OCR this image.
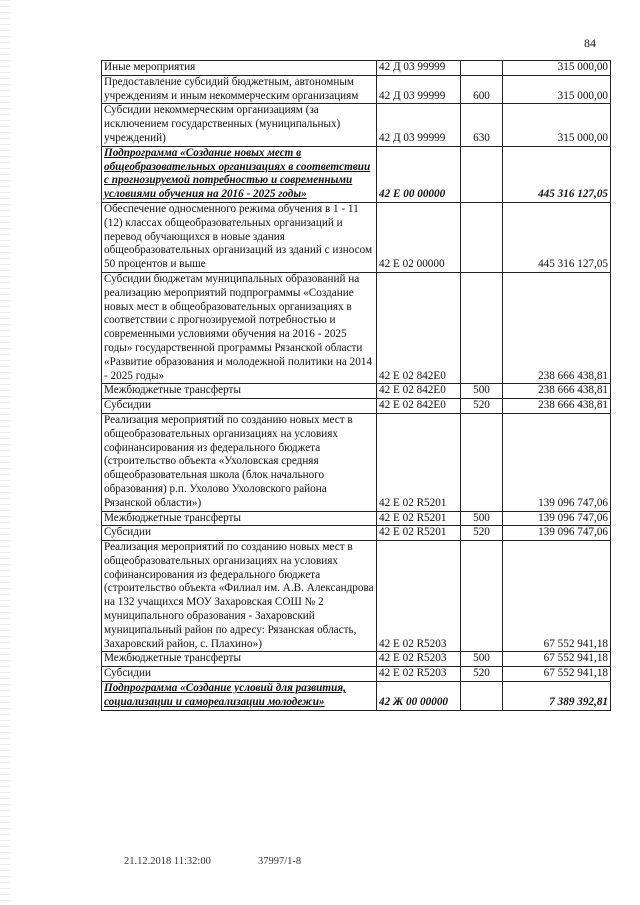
84
Иные мероприятия	42 Д 03 99999		315 000,00
Предоставление субсидий бюджетным, автономным учреждениям и иным некоммерческим организациям	42 Д 03 99999	600	315 000,00
Субсидии некоммерческим организациям (за исключением государственных (муниципальных) учреждений)	42 Д 03 99999	630	315 000,00
Подпрограмма «Создание новых мест в общеобразовательных организациях в соответствии с прогнозируемой потребностью и современными условиями обучения на 2016 - 2025 годы»	42 Е 00 00000		445 316 127,05
Обеспечение односменного режима обучения в 1 - 11 (12) классах общеобразовательных организаций и перевод обучающихся в новые здания общеобразовательных организаций из зданий с износом 50 процентов и выше	42 Е 02 00000		445 316 127,05
Субсидии бюджетам муниципальных образований на реализацию мероприятий подпрограммы «Создание новых мест в общеобразовательных организациях в соответствии с прогнозируемой потребностью и современными условиями обучения на 2016 - 2025 годы» государственной программы Рязанской области «Развитие образования и молодежной политики на 2014 - 2025 годы»	42 Е 02 842Е0		238 666 438,81
Межбюджетные трансферты	42 Е 02 842Е0	500	238 666 438,81
Субсидии	42 Е 02 842Е0	520	238 666 438,81
Реализация мероприятий по созданию новых мест в общеобразовательных организациях на условиях софинансирования из федерального бюджета (строительство объекта «Ухоловская средняя общеобразовательная школа (блок начального образования) р.п. Ухолово Ухоловского района Рязанской области»)	42 Е 02 R5201		139 096 747,06
Межбюджетные трансферты	42 Е 02 R5201	500	139 096 747,06
Субсидии	42 Е 02 R5201	520	139 096 747,06
Реализация мероприятий по созданию новых мест в общеобразовательных организациях на условиях софинансирования из федерального бюджета (строительство объекта «Филиал им. А.В. Александрова на 132 учащихся МОУ Захаровская СОШ № 2 муниципального образования - Захаровский муниципальный район по адресу: Рязанская область, Захаровский район, с. Плахино»)	42 Е 02 R5203		67 552 941,18
Межбюджетные трансферты	42 Е 02 R5203	500	67 552 941,18
Субсидии	42 Е 02 R5203	520	67 552 941,18
Подпрограмма «Создание условий для развития, социализации и самореализации молодежи»	42 Ж 00 00000		7 389 392,81
21.12.2018 11:32:00	37997/1-8
